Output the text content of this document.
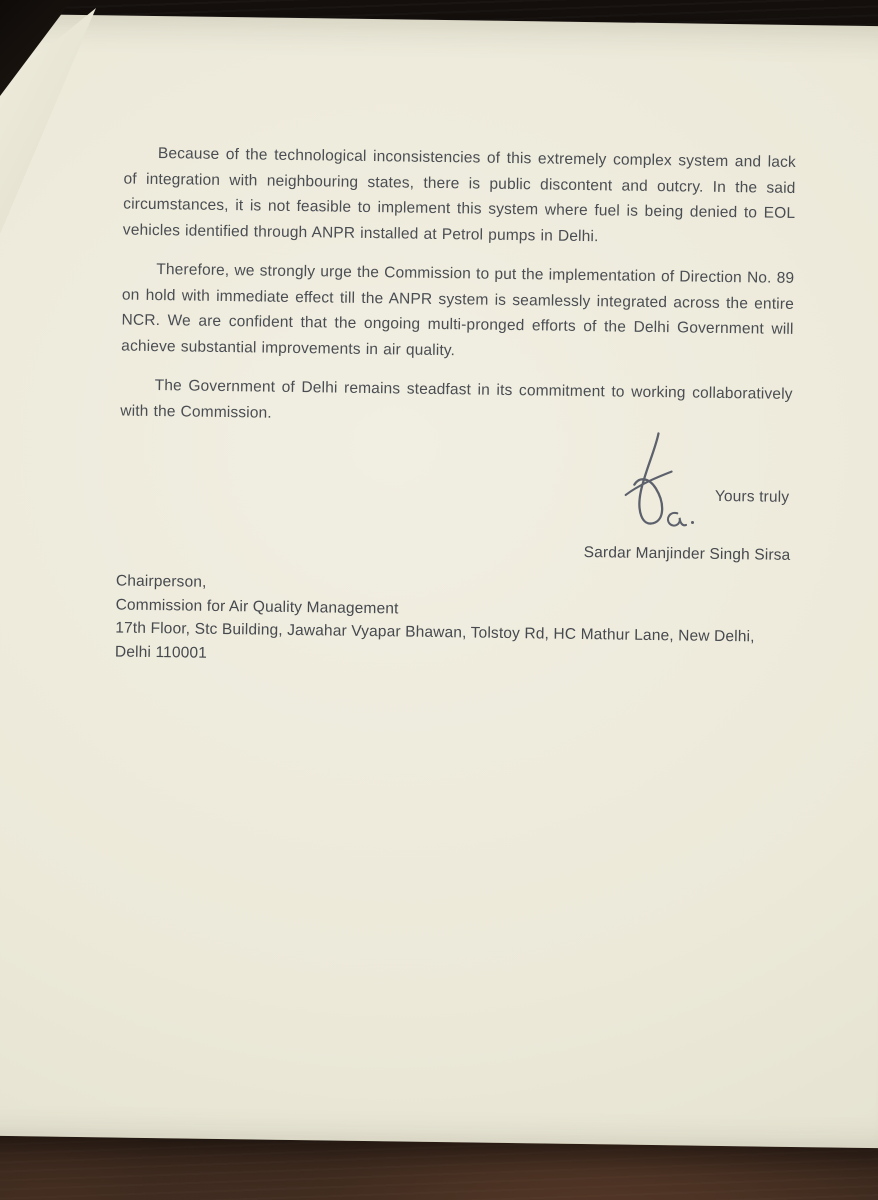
Because of the technological inconsistencies of this extremely complex system and lack of integration with neighbouring states, there is public discontent and outcry. In the said circumstances, it is not feasible to implement this system where fuel is being denied to EOL vehicles identified through ANPR installed at Petrol pumps in Delhi.

Therefore, we strongly urge the Commission to put the implementation of Direction No. 89 on hold with immediate effect till the ANPR system is seamlessly integrated across the entire NCR. We are confident that the ongoing multi-pronged efforts of the Delhi Government will achieve substantial improvements in air quality.

The Government of Delhi remains steadfast in its commitment to working collaboratively with the Commission.

Yours truly
Sardar Manjinder Singh Sirsa
Chairperson,
Commission for Air Quality Management
17th Floor, Stc Building, Jawahar Vyapar Bhawan, Tolstoy Rd, HC Mathur Lane, New Delhi,
Delhi 110001
